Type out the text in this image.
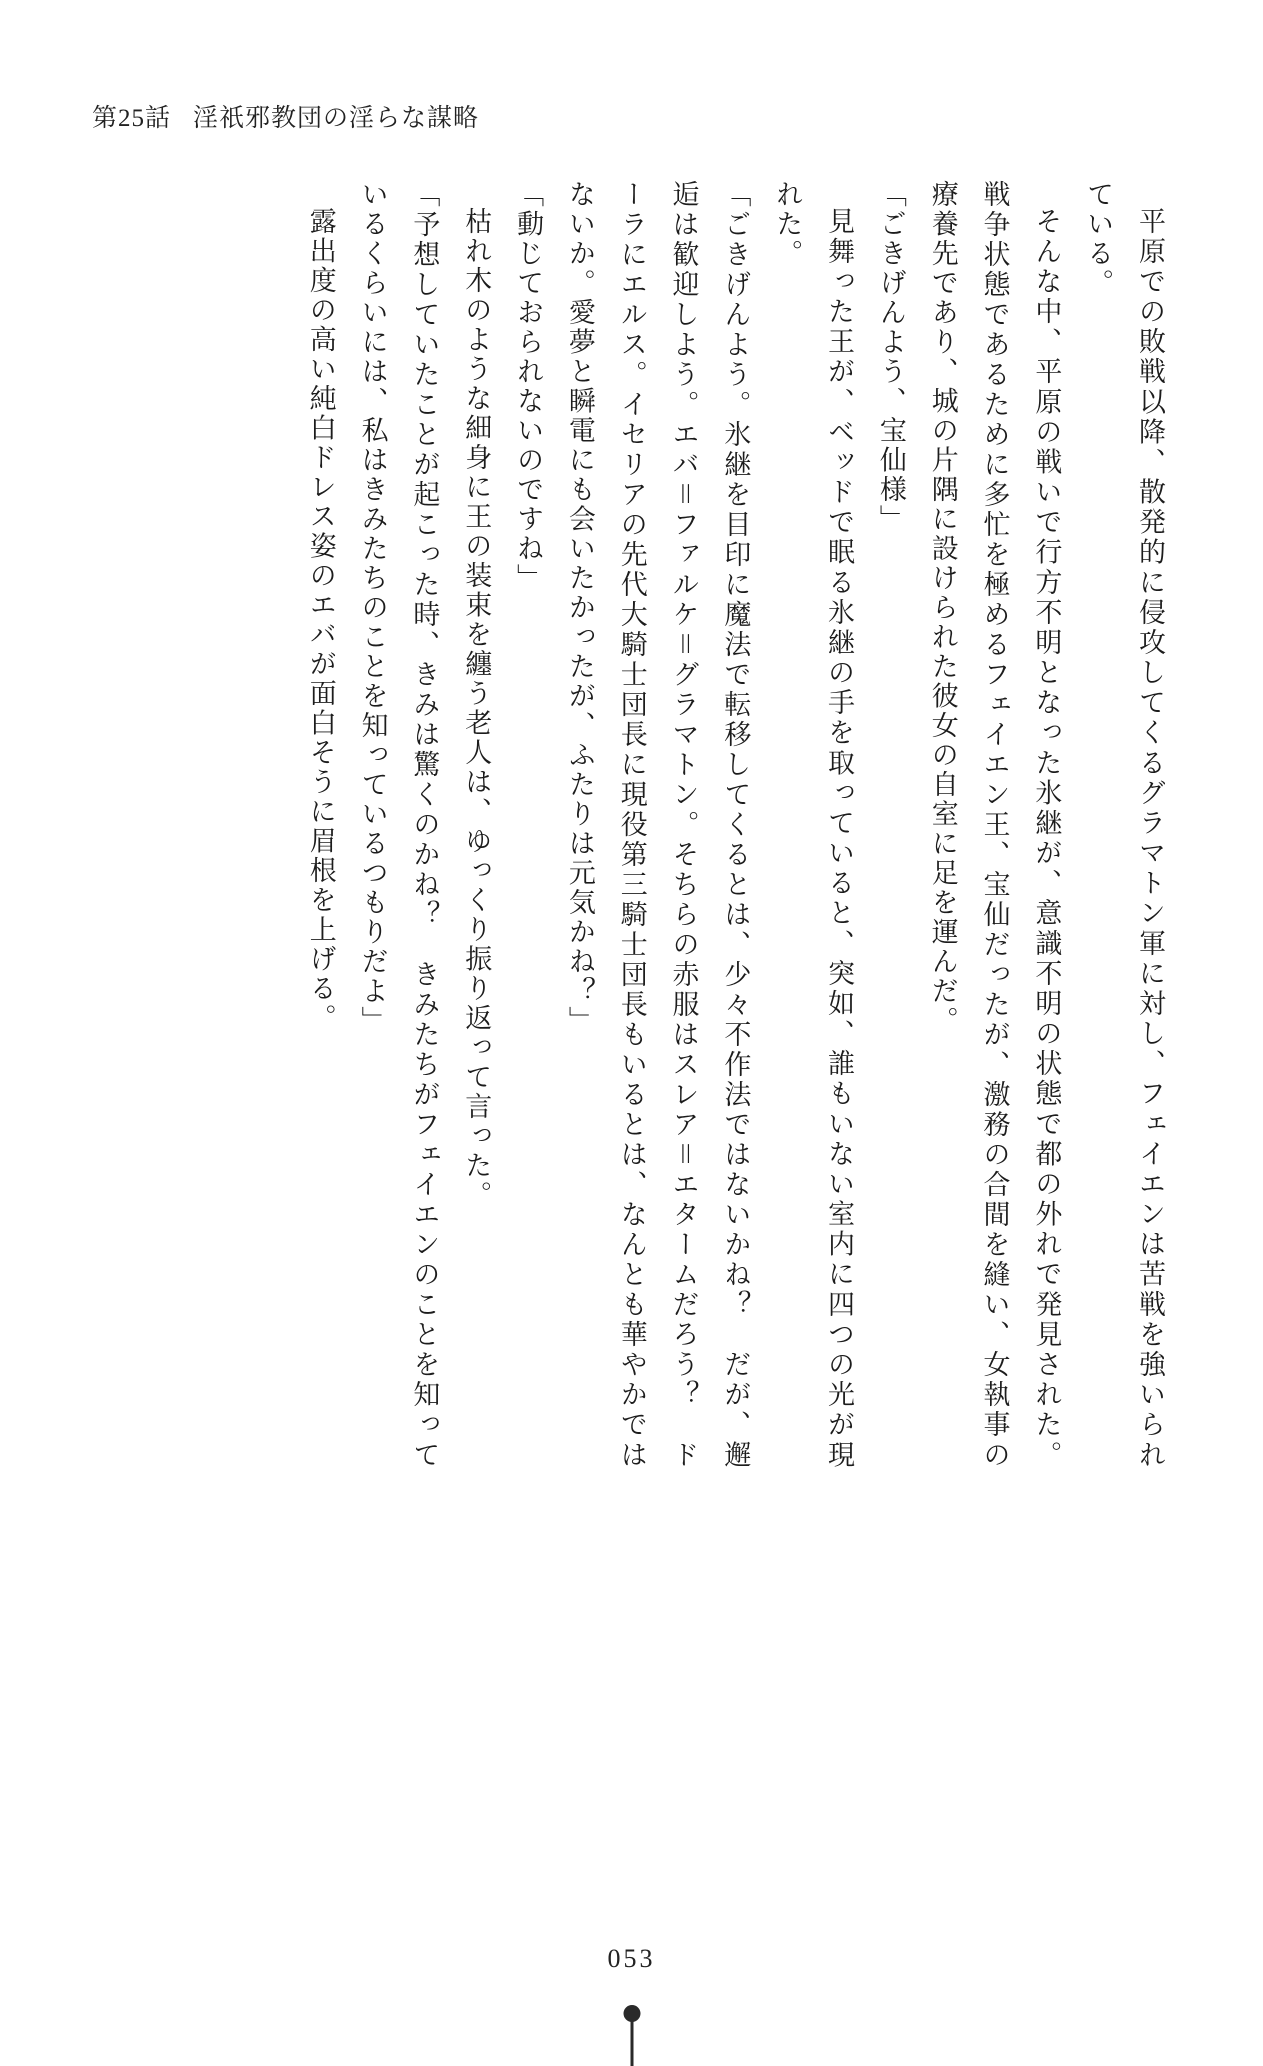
第25話 淫祇邪教団の淫らな謀略

平原での敗戦以降、散発的に侵攻してくるグラマトン軍に対し、フェイエンは苦戦を強いられている。

そんな中、平原の戦いで行方不明となった氷継が、意識不明の状態で都の外れで発見された。戦争状態であるために多忙を極めるフェイエン王、宝仙だったが、激務の合間を縫い、女執事の療養先であり、城の片隅に設けられた彼女の自室に足を運んだ。

「ごきげんよう、宝仙様」

見舞った王が、ベッドで眠る氷継の手を取っていると、突如、誰もいない室内に四つの光が現れた。

「ごきげんよう。氷継を目印に魔法で転移してくるとは、少々不作法ではないかね？　だが、邂逅は歓迎しよう。エバ＝ファルケ＝グラマトン。そちらの赤服はスレア＝エタームだろう？　ドーラにエルス。イセリアの先代大騎士団長に現役第三騎士団長もいるとは、なんとも華やかではないか。愛夢と瞬電にも会いたかったが、ふたりは元気かね？」

「動じておられないのですね」

枯れ木のような細身に王の装束を纏う老人は、ゆっくり振り返って言った。

「予想していたことが起こった時、きみは驚くのかね？　きみたちがフェイエンのことを知っているくらいには、私はきみたちのことを知っているつもりだよ」

露出度の高い純白ドレス姿のエバが面白そうに眉根を上げる。

053
